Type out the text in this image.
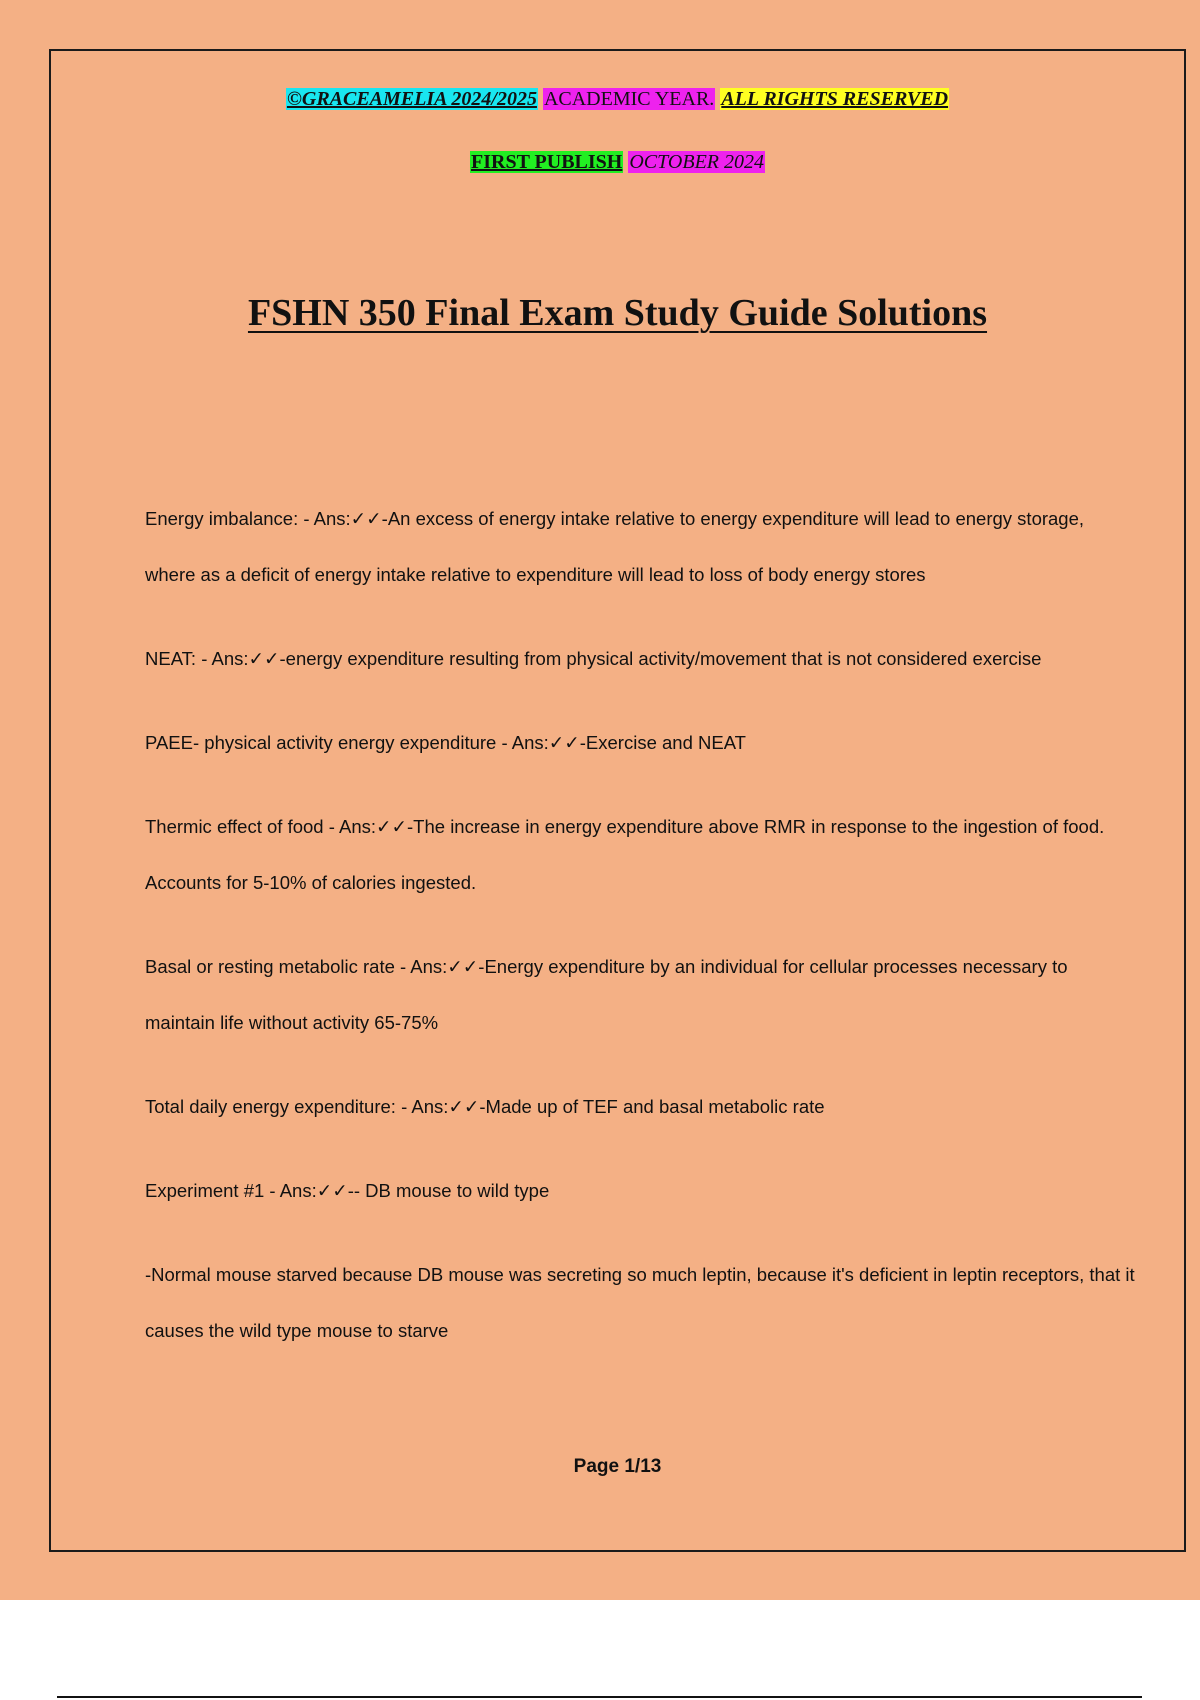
©GRACEAMELIA 2024/2025 ACADEMIC YEAR. ALL RIGHTS RESERVED
FIRST PUBLISH OCTOBER 2024
FSHN 350 Final Exam Study Guide Solutions

Energy imbalance: - Ans:✓✓-An excess of energy intake relative to energy expenditure will lead to energy storage, where as a deficit of energy intake relative to expenditure will lead to loss of body energy stores

NEAT: - Ans:✓✓-energy expenditure resulting from physical activity/movement that is not considered exercise

PAEE- physical activity energy expenditure - Ans:✓✓-Exercise and NEAT

Thermic effect of food - Ans:✓✓-The increase in energy expenditure above RMR in response to the ingestion of food. Accounts for 5-10% of calories ingested.

Basal or resting metabolic rate - Ans:✓✓-Energy expenditure by an individual for cellular processes necessary to maintain life without activity 65-75%

Total daily energy expenditure: - Ans:✓✓-Made up of TEF and basal metabolic rate

Experiment #1 - Ans:✓✓-- DB mouse to wild type

-Normal mouse starved because DB mouse was secreting so much leptin, because it's deficient in leptin receptors, that it causes the wild type mouse to starve

Page 1/13
